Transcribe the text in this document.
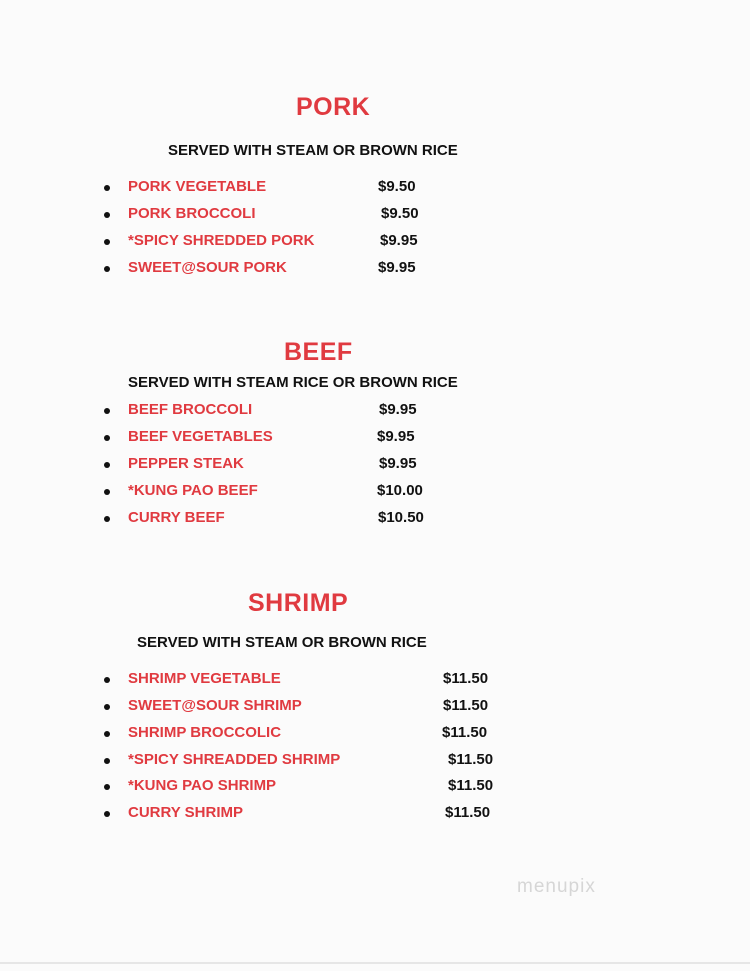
PORK
SERVED WITH STEAM OR BROWN RICE
PORK VEGETABLE	$9.50
PORK BROCCOLI	$9.50
*SPICY SHREDDED PORK	$9.95
SWEET@SOUR PORK	$9.95
BEEF
SERVED WITH STEAM RICE OR BROWN RICE
BEEF BROCCOLI	$9.95
BEEF VEGETABLES	$9.95
PEPPER STEAK	$9.95
*KUNG PAO BEEF	$10.00
CURRY BEEF	$10.50
SHRIMP
SERVED WITH STEAM OR BROWN RICE
SHRIMP VEGETABLE	$11.50
SWEET@SOUR SHRIMP	$11.50
SHRIMP BROCCOLIC	$11.50
*SPICY SHREADDED SHRIMP	$11.50
*KUNG PAO SHRIMP	$11.50
CURRY SHRIMP	$11.50
menupix
